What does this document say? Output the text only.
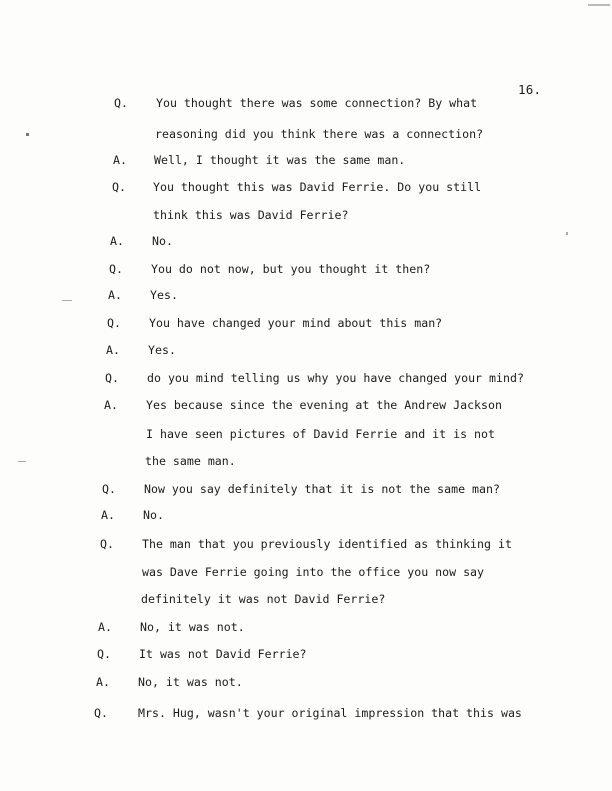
16.
Q. You thought there was some connection? By what
reasoning did you think there was a connection?
A. Well, I thought it was the same man.
Q. You thought this was David Ferrie. Do you still
think this was David Ferrie?
A. No.
Q. You do not now, but you thought it then?
A. Yes.
Q. You have changed your mind about this man?
A. Yes.
Q. do you mind telling us why you have changed your mind?
A. Yes because since the evening at the Andrew Jackson
I have seen pictures of David Ferrie and it is not
the same man.
Q. Now you say definitely that it is not the same man?
A. No.
Q. The man that you previously identified as thinking it
was Dave Ferrie going into the office you now say
definitely it was not David Ferrie?
A. No, it was not.
Q. It was not David Ferrie?
A. No, it was not.
Q.	Mrs. Hug, wasn't your original impression that this was
